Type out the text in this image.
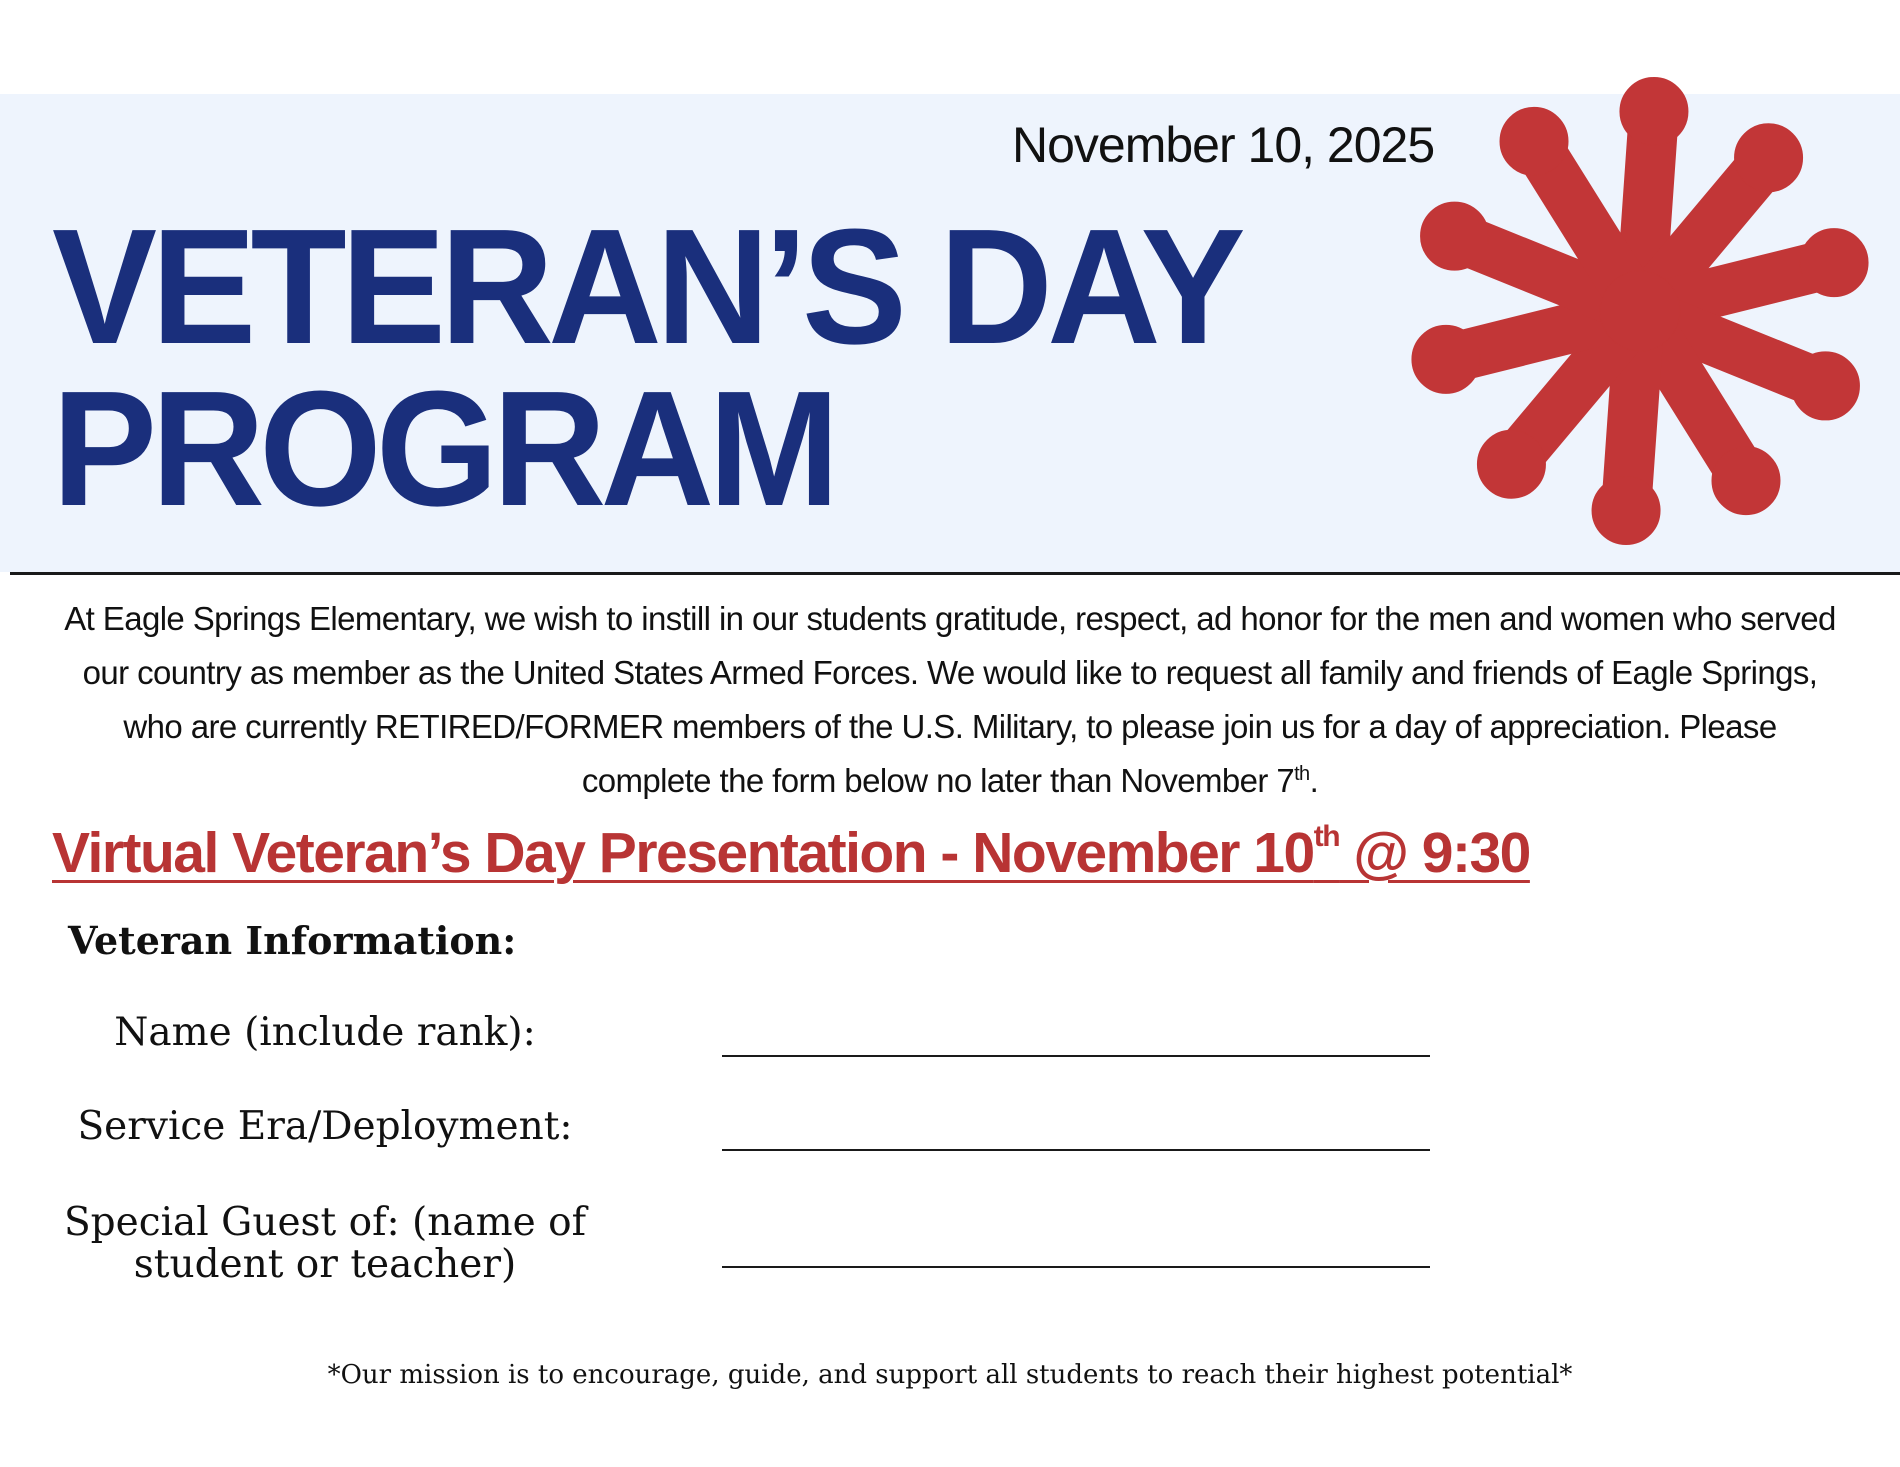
November 10, 2025
VETERAN’S DAY
PROGRAM

At Eagle Springs Elementary, we wish to instill in our students gratitude, respect, ad honor for the men and women who served our country as member as the United States Armed Forces. We would like to request all family and friends of Eagle Springs, who are currently RETIRED/FORMER members of the U.S. Military, to please join us for a day of appreciation. Please complete the form below no later than November 7th.

Virtual Veteran’s Day Presentation - November 10th @ 9:30
Veteran Information:
Name (include rank):
Service Era/Deployment:
Special Guest of: (name of student or teacher)
*Our mission is to encourage, guide, and support all students to reach their highest potential*
